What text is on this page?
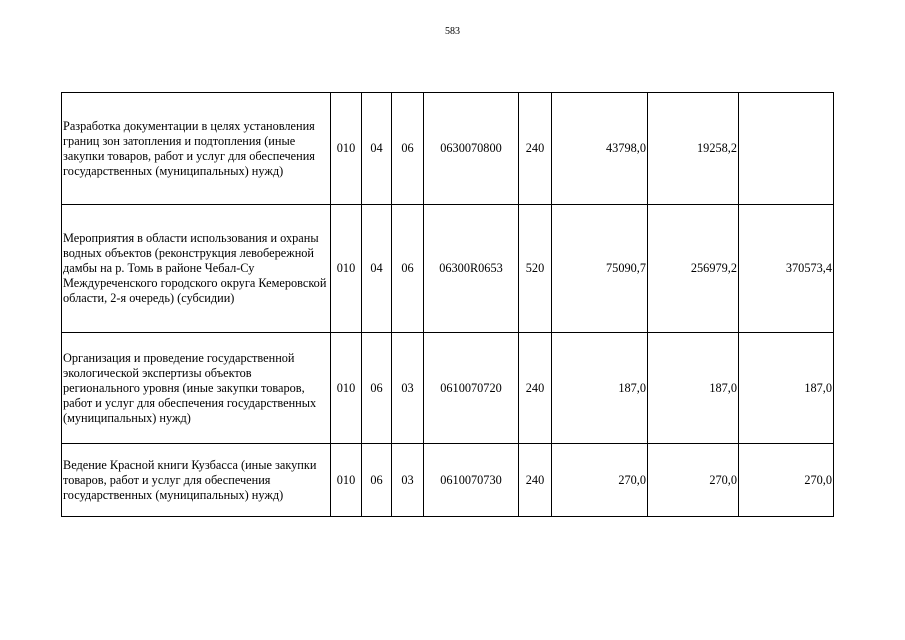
583
Разработка документации в целях установления границ зон затопления и подтопления (иные закупки товаров, работ и услуг для обеспечения государственных (муниципальных) нужд)	010	04	06	0630070800	240	43798,0	19258,2	
Мероприятия в области использования и охраны водных объектов (реконструкция левобережной дамбы на р. Томь в районе Чебал-Су Междуреченского городского округа Кемеровской области, 2-я очередь) (субсидии)	010	04	06	06300R0653	520	75090,7	256979,2	370573,4
Организация и проведение государственной экологической экспертизы объектов регионального уровня (иные закупки товаров, работ и услуг для обеспечения государственных (муниципальных) нужд)	010	06	03	0610070720	240	187,0	187,0	187,0
Ведение Красной книги Кузбасса (иные закупки товаров, работ и услуг для обеспечения государственных (муниципальных) нужд)	010	06	03	0610070730	240	270,0	270,0	270,0
